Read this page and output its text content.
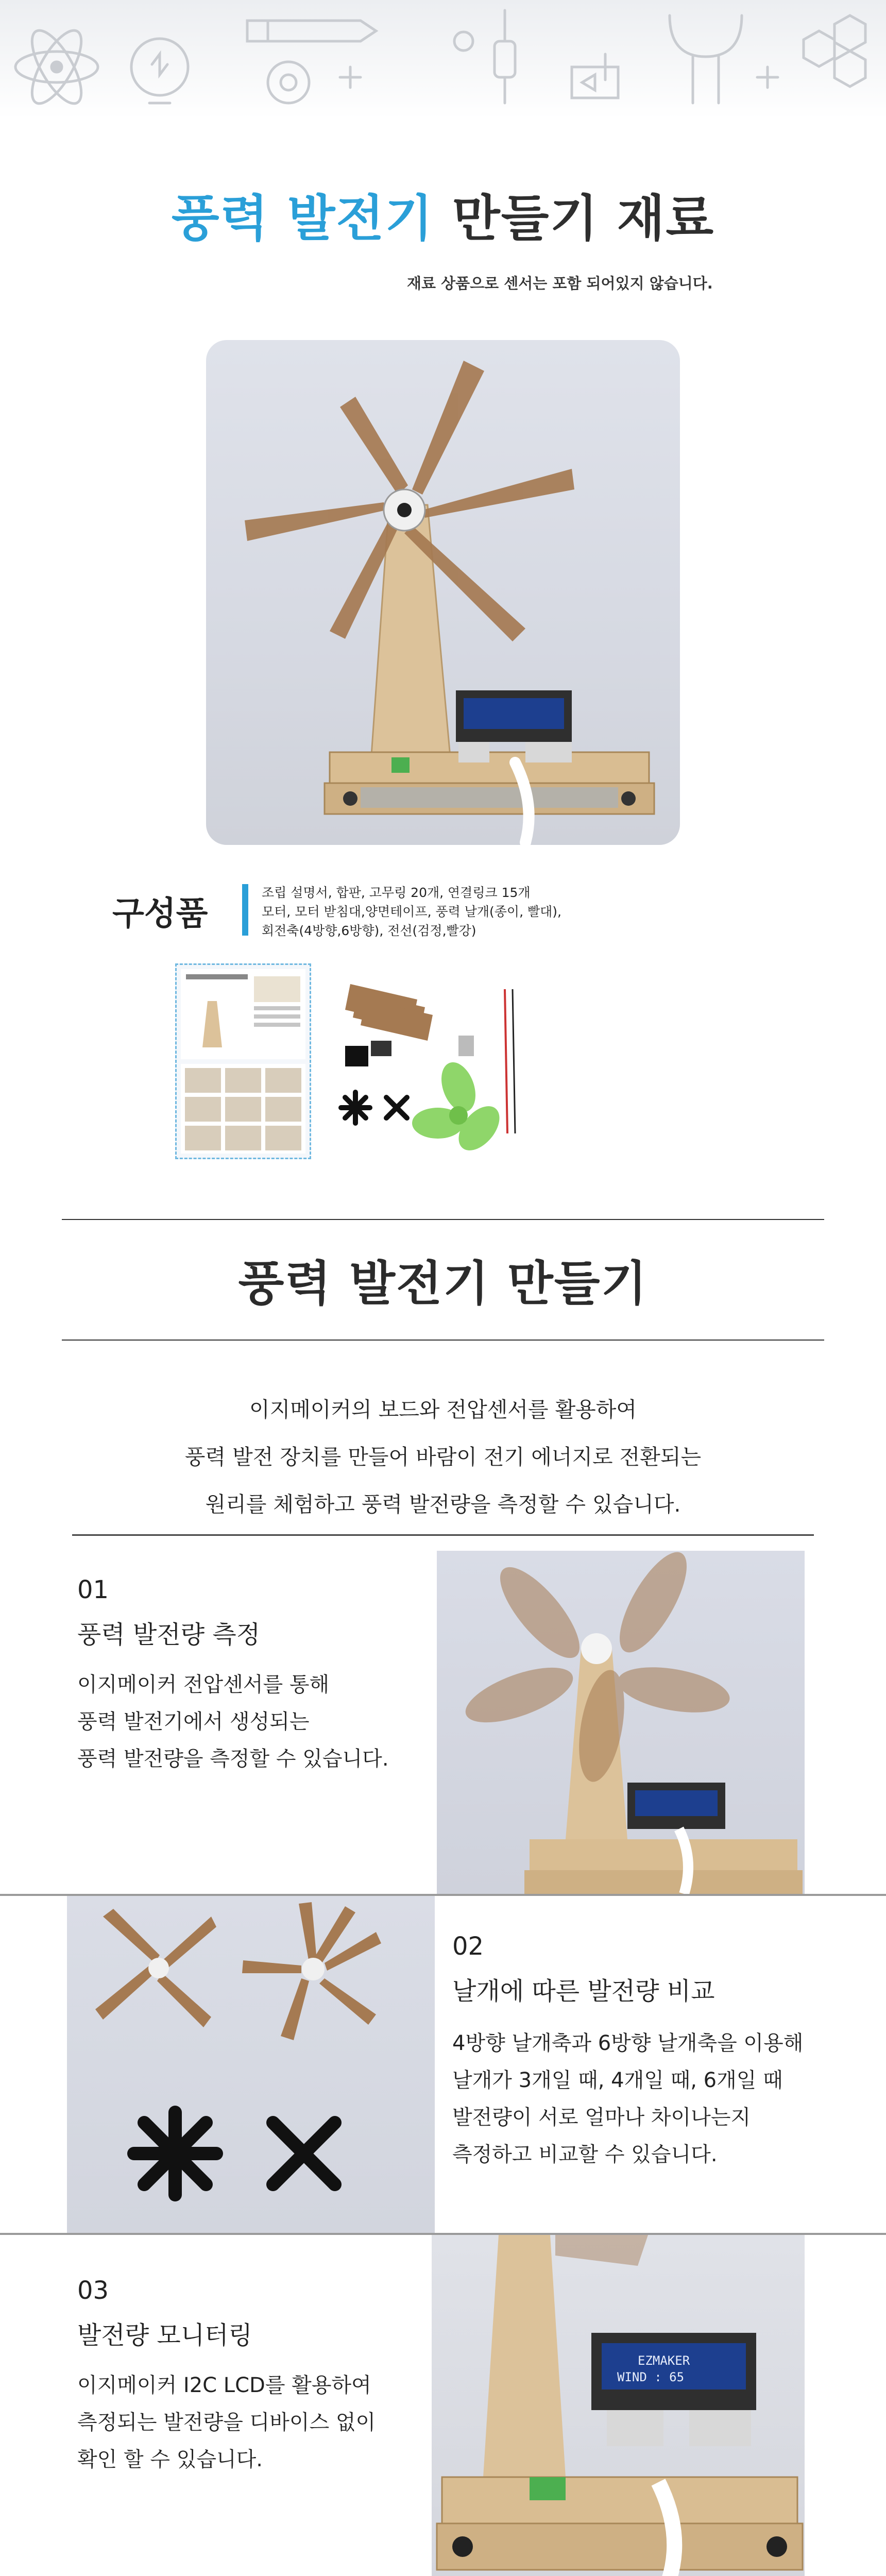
풍력 발전기 만들기 재료
재료 상품으로 센서는 포함 되어있지 않습니다.
구성품
조립 설명서, 합판, 고무링 20개, 연결링크 15개
모터, 모터 받침대,양면테이프, 풍력 날개(종이, 빨대),
회전축(4방향,6방향), 전선(검정,빨강)
풍력 발전기 만들기
이지메이커의 보드와 전압센서를 활용하여
풍력 발전 장치를 만들어 바람이 전기 에너지로 전환되는
원리를 체험하고 풍력 발전량을 측정할 수 있습니다.
01
풍력 발전량 측정
이지메이커 전압센서를 통해
풍력 발전기에서 생성되는
풍력 발전량을 측정할 수 있습니다.
02
날개에 따른 발전량 비교
4방향 날개축과 6방향 날개축을 이용해
날개가 3개일 때, 4개일 때, 6개일 때
발전량이 서로 얼마나 차이나는지
측정하고 비교할 수 있습니다.
03
발전량 모니터링
이지메이커 I2C LCD를 활용하여
측정되는 발전량을 디바이스 없이
확인 할 수 있습니다.
EZMAKER
WIND : 65
